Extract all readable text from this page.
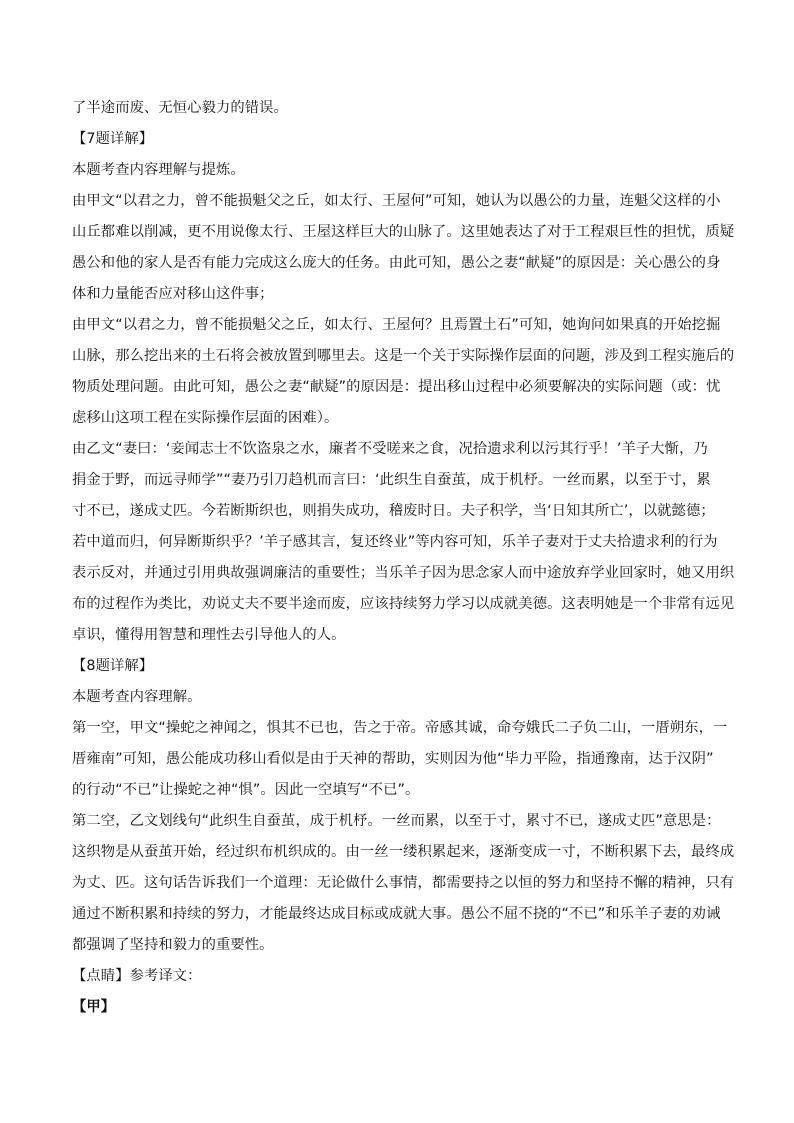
了半途而废、无恒心毅力的错误。
【7题详解】
本题考查内容理解与提炼。
由甲文“以君之力，曾不能损魁父之丘，如太行、王屋何”可知，她认为以愚公的力量，连魁父这样的小
山丘都难以削减，更不用说像太行、王屋这样巨大的山脉了。这里她表达了对于工程艰巨性的担忧，质疑
愚公和他的家人是否有能力完成这么庞大的任务。由此可知，愚公之妻“献疑”的原因是：关心愚公的身
体和力量能否应对移山这件事；
由甲文“以君之力，曾不能损魁父之丘，如太行、王屋何？且焉置土石”可知，她询问如果真的开始挖掘
山脉，那么挖出来的土石将会被放置到哪里去。这是一个关于实际操作层面的问题，涉及到工程实施后的
物质处理问题。由此可知，愚公之妻“献疑”的原因是：提出移山过程中必须要解决的实际问题（或：忧
虑移山这项工程在实际操作层面的困难）。
由乙文“妻曰：‘妾闻志士不饮盗泉之水，廉者不受嗟来之食，况拾遗求利以污其行乎！’羊子大惭，乃
捐金于野，而远寻师学”“妻乃引刀趋机而言曰：‘此织生自蚕茧，成于机杼。一丝而累，以至于寸，累
寸不已，遂成丈匹。今若断斯织也，则捐失成功，稽废时日。夫子积学，当‘日知其所亡’，以就懿德；
若中道而归，何异断斯织乎？’羊子感其言，复还终业”等内容可知，乐羊子妻对于丈夫拾遗求利的行为
表示反对，并通过引用典故强调廉洁的重要性；当乐羊子因为思念家人而中途放弃学业回家时，她又用织
布的过程作为类比，劝说丈夫不要半途而废，应该持续努力学习以成就美德。这表明她是一个非常有远见
卓识，懂得用智慧和理性去引导他人的人。
【8题详解】
本题考查内容理解。
第一空，甲文“操蛇之神闻之，惧其不已也，告之于帝。帝感其诚，命夸娥氏二子负二山，一厝朔东，一
厝雍南”可知，愚公能成功移山看似是由于天神的帮助，实则因为他“毕力平险，指通豫南，达于汉阴”
的行动“不已”让操蛇之神“惧”。因此一空填写“不已”。
第二空，乙文划线句“此织生自蚕茧，成于机杼。一丝而累，以至于寸，累寸不已，遂成丈匹”意思是：
这织物是从蚕茧开始，经过织布机织成的。由一丝一缕积累起来，逐渐变成一寸，不断积累下去，最终成
为丈、匹。这句话告诉我们一个道理：无论做什么事情，都需要持之以恒的努力和坚持不懈的精神，只有
通过不断积累和持续的努力，才能最终达成目标或成就大事。愚公不屈不挠的“不已”和乐羊子妻的劝诫
都强调了坚持和毅力的重要性。
【点睛】参考译文：
【甲】
